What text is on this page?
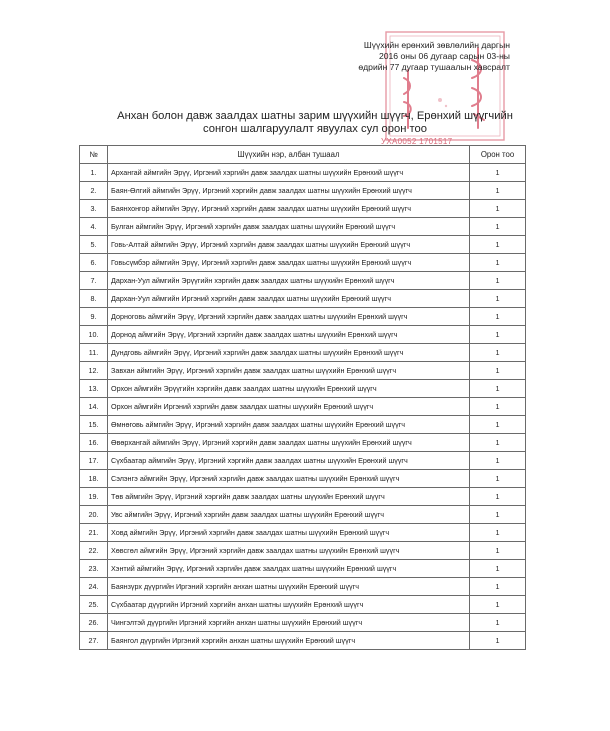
УХА0052 1701517
Шүүхийн ерөнхий зөвлөлийн даргын
2016 оны 06 дугаар сарын 03-ны
өдрийн 77 дугаар тушаалын хавсралт
Анхан болон давж заалдах шатны зарим шүүхийн шүүгч, Ерөнхий шүүгчийн
сонгон шалгаруулалт явуулах сул орон тоо
№	Шүүхийн нэр, албан тушаал	Орон тоо
1.	Архангай аймгийн Эрүү, Иргэний хэргийн давж заалдах шатны шүүхийн Ерөнхий шүүгч	1
2.	Баян-Өлгий аймгийн Эрүү, Иргэний хэргийн давж заалдах шатны шүүхийн Ерөнхий шүүгч	1
3.	Баянхонгор аймгийн Эрүү, Иргэний хэргийн давж заалдах шатны шүүхийн Ерөнхий шүүгч	1
4.	Булган аймгийн Эрүү, Иргэний хэргийн давж заалдах шатны шүүхийн Ерөнхий шүүгч	1
5.	Говь-Алтай аймгийн Эрүү, Иргэний хэргийн давж заалдах шатны шүүхийн Ерөнхий шүүгч	1
6.	Говьсүмбэр аймгийн Эрүү, Иргэний хэргийн давж заалдах шатны шүүхийн Ерөнхий шүүгч	1
7.	Дархан-Уул аймгийн Эрүүгийн хэргийн давж заалдах шатны шүүхийн Ерөнхий шүүгч	1
8.	Дархан-Уул аймгийн Иргэний хэргийн давж заалдах шатны шүүхийн Ерөнхий шүүгч	1
9.	Дорноговь аймгийн Эрүү, Иргэний хэргийн давж заалдах шатны шүүхийн Ерөнхий шүүгч	1
10.	Дорнод аймгийн Эрүү, Иргэний хэргийн давж заалдах шатны шүүхийн Ерөнхий шүүгч	1
11.	Дундговь аймгийн Эрүү, Иргэний хэргийн давж заалдах шатны шүүхийн Ерөнхий шүүгч	1
12.	Завхан аймгийн Эрүү, Иргэний хэргийн давж заалдах шатны шүүхийн Ерөнхий шүүгч	1
13.	Орхон аймгийн Эрүүгийн хэргийн давж заалдах шатны шүүхийн Ерөнхий шүүгч	1
14.	Орхон аймгийн Иргэний хэргийн давж заалдах шатны шүүхийн Ерөнхий шүүгч	1
15.	Өмнөговь аймгийн Эрүү, Иргэний хэргийн давж заалдах шатны шүүхийн Ерөнхий шүүгч	1
16.	Өвөрхангай аймгийн Эрүү, Иргэний хэргийн давж заалдах шатны шүүхийн Ерөнхий шүүгч	1
17.	Сүхбаатар аймгийн Эрүү, Иргэний хэргийн давж заалдах шатны шүүхийн Ерөнхий шүүгч	1
18.	Сэлэнгэ аймгийн Эрүү, Иргэний хэргийн давж заалдах шатны шүүхийн Ерөнхий шүүгч	1
19.	Төв аймгийн Эрүү, Иргэний хэргийн давж заалдах шатны шүүхийн Ерөнхий шүүгч	1
20.	Увс аймгийн Эрүү, Иргэний хэргийн давж заалдах шатны шүүхийн Ерөнхий шүүгч	1
21.	Ховд аймгийн Эрүү, Иргэний хэргийн давж заалдах шатны шүүхийн Ерөнхий шүүгч	1
22.	Хөвсгөл аймгийн Эрүү, Иргэний хэргийн давж заалдах шатны шүүхийн Ерөнхий шүүгч	1
23.	Хэнтий аймгийн Эрүү, Иргэний хэргийн давж заалдах шатны шүүхийн Ерөнхий шүүгч	1
24.	Баянзүрх дүүргийн Иргэний хэргийн анхан шатны шүүхийн Ерөнхий шүүгч	1
25.	Сүхбаатар дүүргийн Иргэний хэргийн анхан шатны шүүхийн Ерөнхий шүүгч	1
26.	Чингэлтэй дүүргийн Иргэний хэргийн анхан шатны шүүхийн Ерөнхий шүүгч	1
27.	Баянгол дүүргийн Иргэний хэргийн анхан шатны шүүхийн Ерөнхий шүүгч	1
